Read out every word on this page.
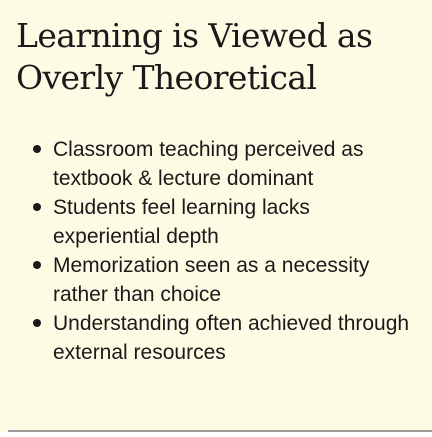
Learning is Viewed as Overly Theoretical
Classroom teaching perceived as textbook & lecture dominant
Students feel learning lacks experiential depth
Memorization seen as a necessity rather than choice
Understanding often achieved through external resources
